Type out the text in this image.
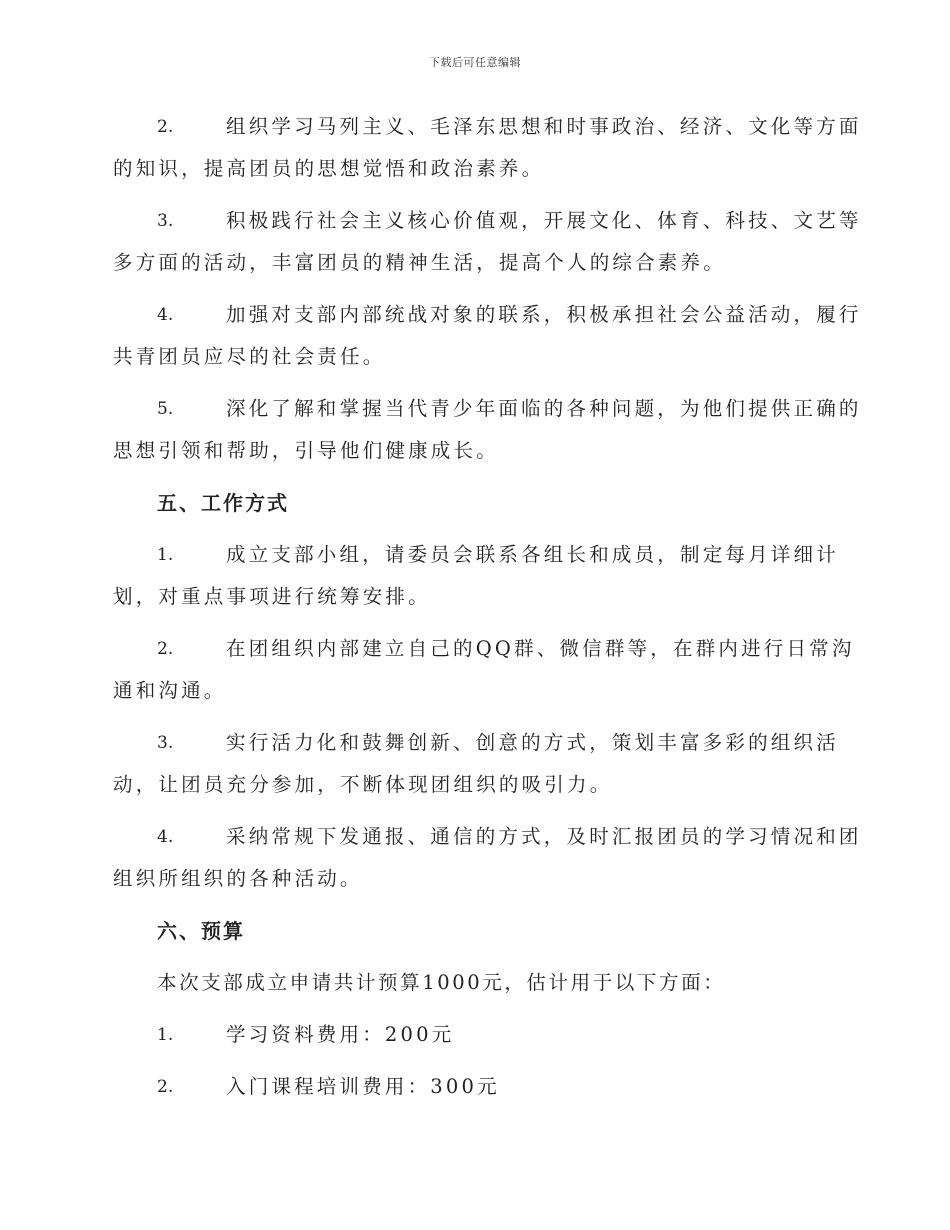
下载后可任意编辑
2.	组织学习马列主义、毛泽东思想和时事政治、经济、文化等方面
的知识，提高团员的思想觉悟和政治素养。
3.	积极践行社会主义核心价值观，开展文化、体育、科技、文艺等
多方面的活动，丰富团员的精神生活，提高个人的综合素养。
4.	加强对支部内部统战对象的联系，积极承担社会公益活动，履行
共青团员应尽的社会责任。
5.	深化了解和掌握当代青少年面临的各种问题，为他们提供正确的
思想引领和帮助，引导他们健康成长。
五、工作方式
1.	成立支部小组，请委员会联系各组长和成员，制定每月详细计
划，对重点事项进行统筹安排。
2.	在团组织内部建立自己的QQ群、微信群等，在群内进行日常沟
通和沟通。
3.	实行活力化和鼓舞创新、创意的方式，策划丰富多彩的组织活
动，让团员充分参加，不断体现团组织的吸引力。
4.	采纳常规下发通报、通信的方式，及时汇报团员的学习情况和团
组织所组织的各种活动。
六、预算
本次支部成立申请共计预算1000元，估计用于以下方面：
1.	学习资料费用：200元
2.	入门课程培训费用：300元
